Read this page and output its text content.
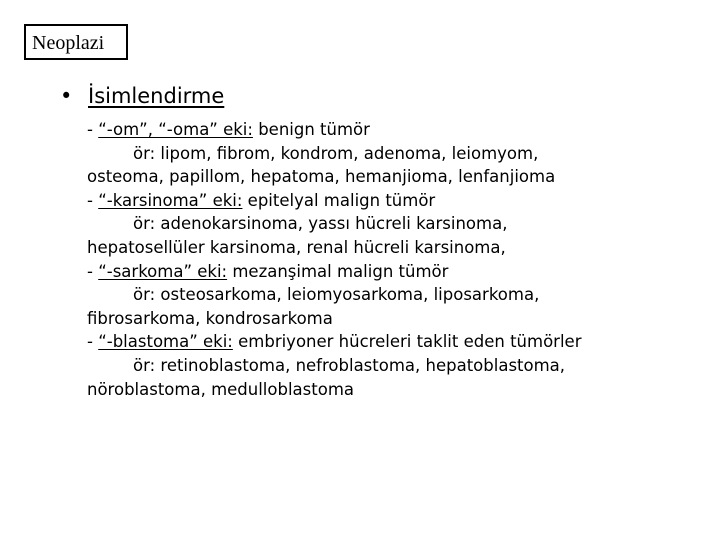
Neoplazi
• İsimlendirme
- “-om”, “-oma” eki: benign tümör
ör: lipom, fibrom, kondrom, adenoma, leiomyom,
osteoma, papillom, hepatoma, hemanjioma, lenfanjioma
- “-karsinoma” eki: epitelyal malign tümör
ör: adenokarsinoma, yassı hücreli karsinoma,
hepatosellüler karsinoma, renal hücreli karsinoma,
- “-sarkoma” eki: mezanşimal malign tümör
ör: osteosarkoma, leiomyosarkoma, liposarkoma,
fibrosarkoma, kondrosarkoma
- “-blastoma” eki: embriyoner hücreleri taklit eden tümörler
ör: retinoblastoma, nefroblastoma, hepatoblastoma,
nöroblastoma, medulloblastoma
